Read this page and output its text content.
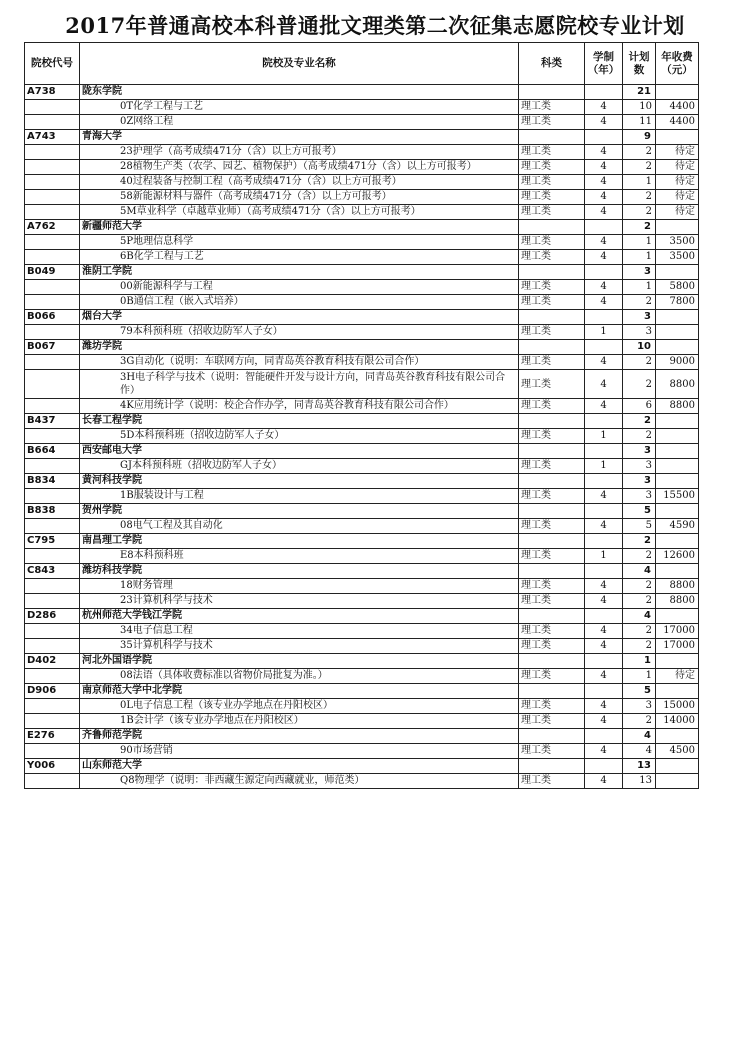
2017年普通高校本科普通批文理类第二次征集志愿院校专业计划
院校代号	院校及专业名称	科类	学制（年）	计划数	年收费（元）
A738	陇东学院			21	
	0T化学工程与工艺	理工类	4	10	4400
	0Z网络工程	理工类	4	11	4400
A743	青海大学			9	
	23护理学（高考成绩471分（含）以上方可报考）	理工类	4	2	待定
	28植物生产类（农学、园艺、植物保护）（高考成绩471分（含）以上方可报考）	理工类	4	2	待定
	40过程装备与控制工程（高考成绩471分（含）以上方可报考）	理工类	4	1	待定
	58新能源材料与器件（高考成绩471分（含）以上方可报考）	理工类	4	2	待定
	5M草业科学（卓越草业师）（高考成绩471分（含）以上方可报考）	理工类	4	2	待定
A762	新疆师范大学			2	
	5P地理信息科学	理工类	4	1	3500
	6B化学工程与工艺	理工类	4	1	3500
B049	淮阴工学院			3	
	00新能源科学与工程	理工类	4	1	5800
	0B通信工程（嵌入式培养）	理工类	4	2	7800
B066	烟台大学			3	
	79本科预科班（招收边防军人子女）	理工类	1	3	
B067	潍坊学院			10	
	3G自动化（说明：车联网方向，同青岛英谷教育科技有限公司合作）	理工类	4	2	9000
	3H电子科学与技术（说明：智能硬件开发与设计方向，同青岛英谷教育科技有限公司合作）	理工类	4	2	8800
	4K应用统计学（说明：校企合作办学，同青岛英谷教育科技有限公司合作）	理工类	4	6	8800
B437	长春工程学院			2	
	5D本科预科班（招收边防军人子女）	理工类	1	2	
B664	西安邮电大学			3	
	GJ本科预科班（招收边防军人子女）	理工类	1	3	
B834	黄河科技学院			3	
	1B服装设计与工程	理工类	4	3	15500
B838	贺州学院			5	
	08电气工程及其自动化	理工类	4	5	4590
C795	南昌理工学院			2	
	E8本科预科班	理工类	1	2	12600
C843	潍坊科技学院			4	
	18财务管理	理工类	4	2	8800
	23计算机科学与技术	理工类	4	2	8800
D286	杭州师范大学钱江学院			4	
	34电子信息工程	理工类	4	2	17000
	35计算机科学与技术	理工类	4	2	17000
D402	河北外国语学院			1	
	08法语（具体收费标准以省物价局批复为准。）	理工类	4	1	待定
D906	南京师范大学中北学院			5	
	0L电子信息工程（该专业办学地点在丹阳校区）	理工类	4	3	15000
	1B会计学（该专业办学地点在丹阳校区）	理工类	4	2	14000
E276	齐鲁师范学院			4	
	90市场营销	理工类	4	4	4500
Y006	山东师范大学			13	
	Q8物理学（说明：非西藏生源定向西藏就业，师范类）	理工类	4	13	
